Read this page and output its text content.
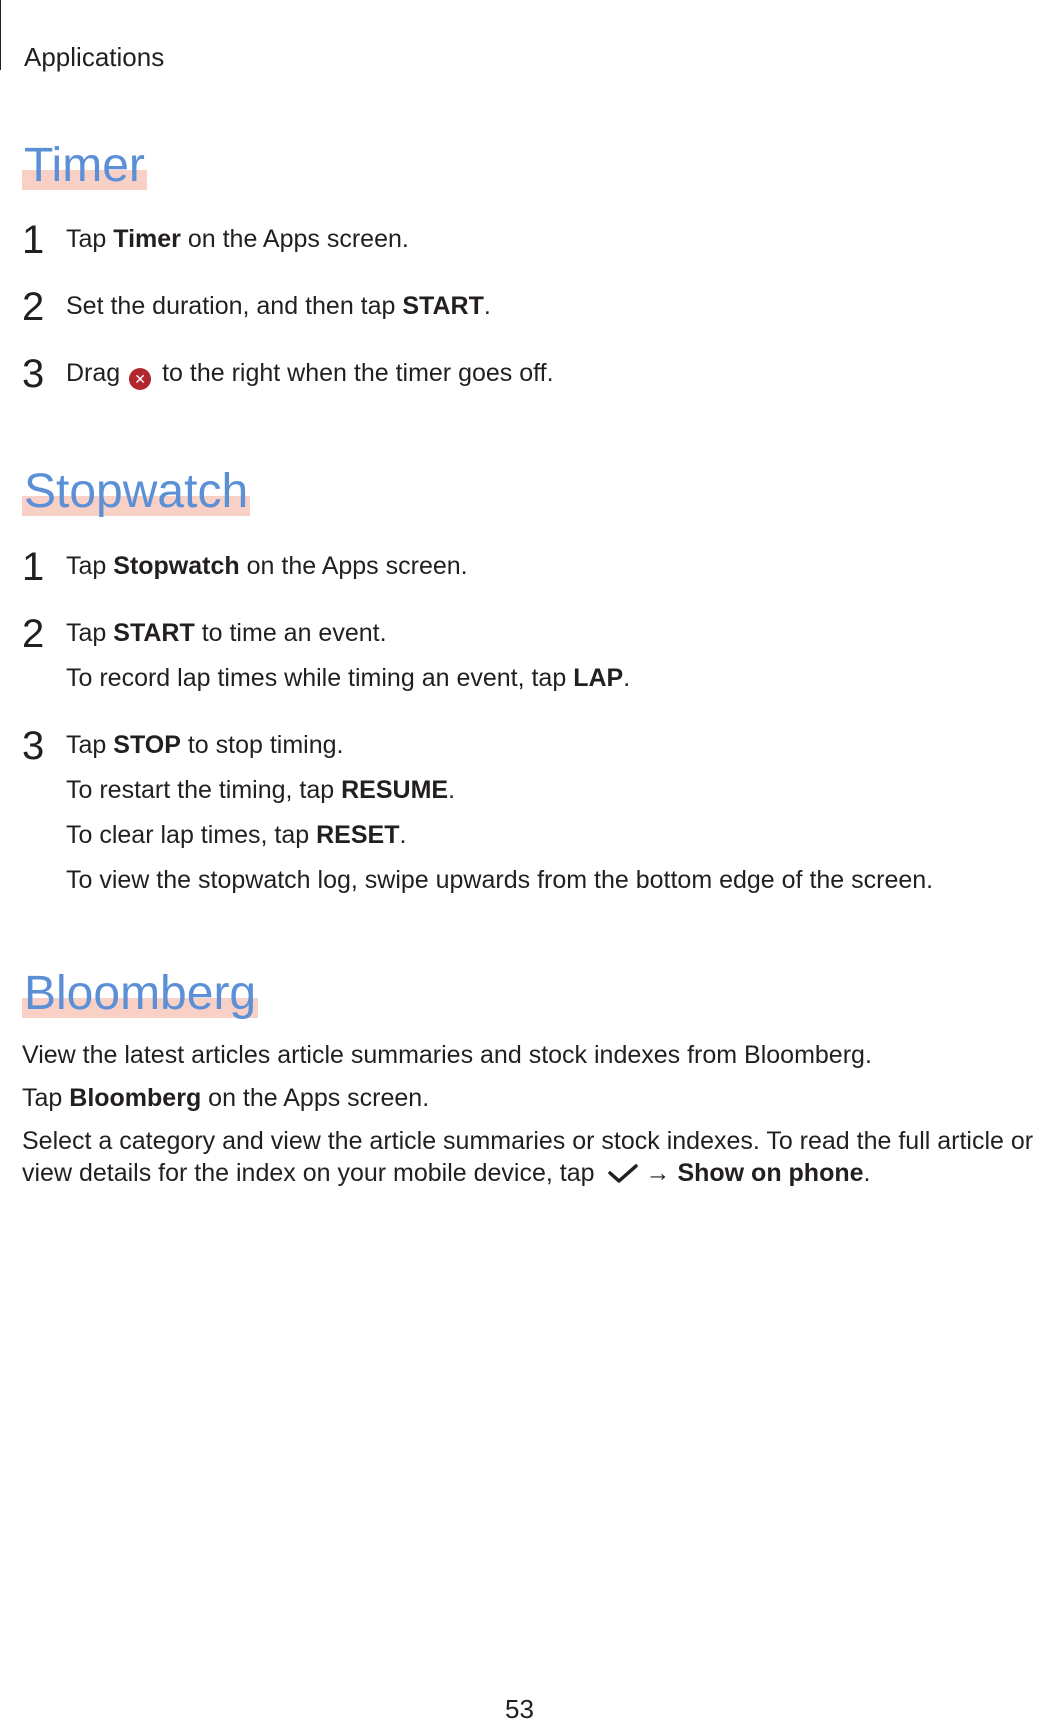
Applications
Timer
1 Tap Timer on the Apps screen.
2 Set the duration, and then tap START.
3 Drag ✕ to the right when the timer goes off.
Stopwatch
1 Tap Stopwatch on the Apps screen.
2 Tap START to time an event.
To record lap times while timing an event, tap LAP.
3 Tap STOP to stop timing.
To restart the timing, tap RESUME.
To clear lap times, tap RESET.
To view the stopwatch log, swipe upwards from the bottom edge of the screen.
Bloomberg
View the latest articles article summaries and stock indexes from Bloomberg.
Tap Bloomberg on the Apps screen.
Select a category and view the article summaries or stock indexes. To read the full article or
view details for the index on your mobile device, tap → Show on phone.
53
